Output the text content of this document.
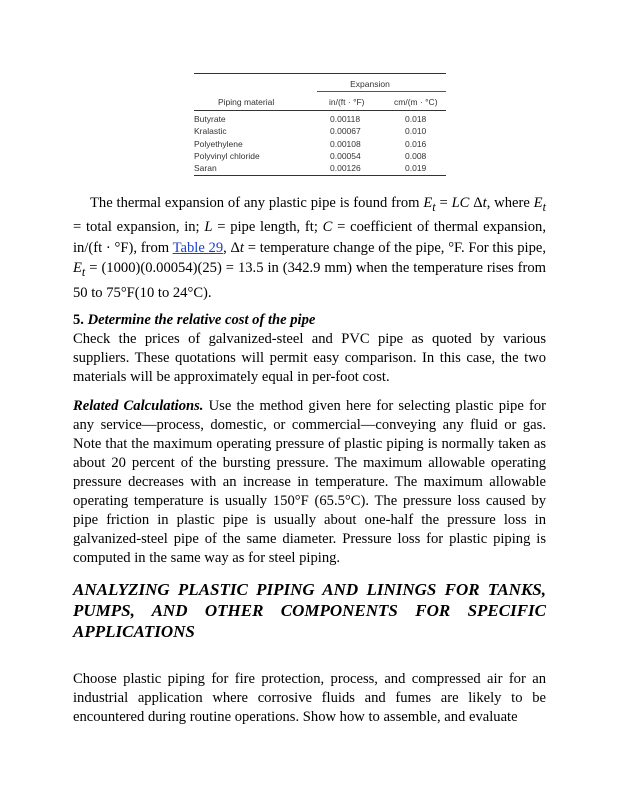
Expansion
Piping material	in/(ft · °F)	cm/(m · °C)
Butyrate	0.00118	0.018
Kralastic	0.00067	0.010
Polyethylene	0.00108	0.016
Polyvinyl chloride	0.00054	0.008
Saran	0.00126	0.019

The thermal expansion of any plastic pipe is found from $E_t$ = LC Δt, where $E_t$ = total expansion, in; L = pipe length, ft; C = coefficient of thermal expansion, in/(ft · °F), from Table 29, Δt = temperature change of the pipe, °F. For this pipe, $E_t = (1000)(0.00054)(25) = 13.5$ in (342.9 mm) when the temperature rises from 50 to 75°F(10 to 24°C).

5. Determine the relative cost of the pipe
Check the prices of galvanized-steel and PVC pipe as quoted by various suppliers. These quotations will permit easy comparison. In this case, the two materials will be approximately equal in per-foot cost.

Related Calculations. Use the method given here for selecting plastic pipe for any service—process, domestic, or commercial—conveying any fluid or gas. Note that the maximum operating pressure of plastic piping is normally taken as about 20 percent of the bursting pressure. The maximum allowable operating pressure decreases with an increase in temperature. The maximum allowable operating temperature is usually 150°F (65.5°C). The pressure loss caused by pipe friction in plastic pipe is usually about one-half the pressure loss in galvanized-steel pipe of the same diameter. Pressure loss for plastic piping is computed in the same way as for steel piping.

ANALYZING PLASTIC PIPING AND LININGS FOR TANKS, PUMPS, AND OTHER COMPONENTS FOR SPECIFIC APPLICATIONS

Choose plastic piping for fire protection, process, and compressed air for an industrial application where corrosive fluids and fumes are likely to be encountered during routine operations. Show how to assemble, and evaluate
